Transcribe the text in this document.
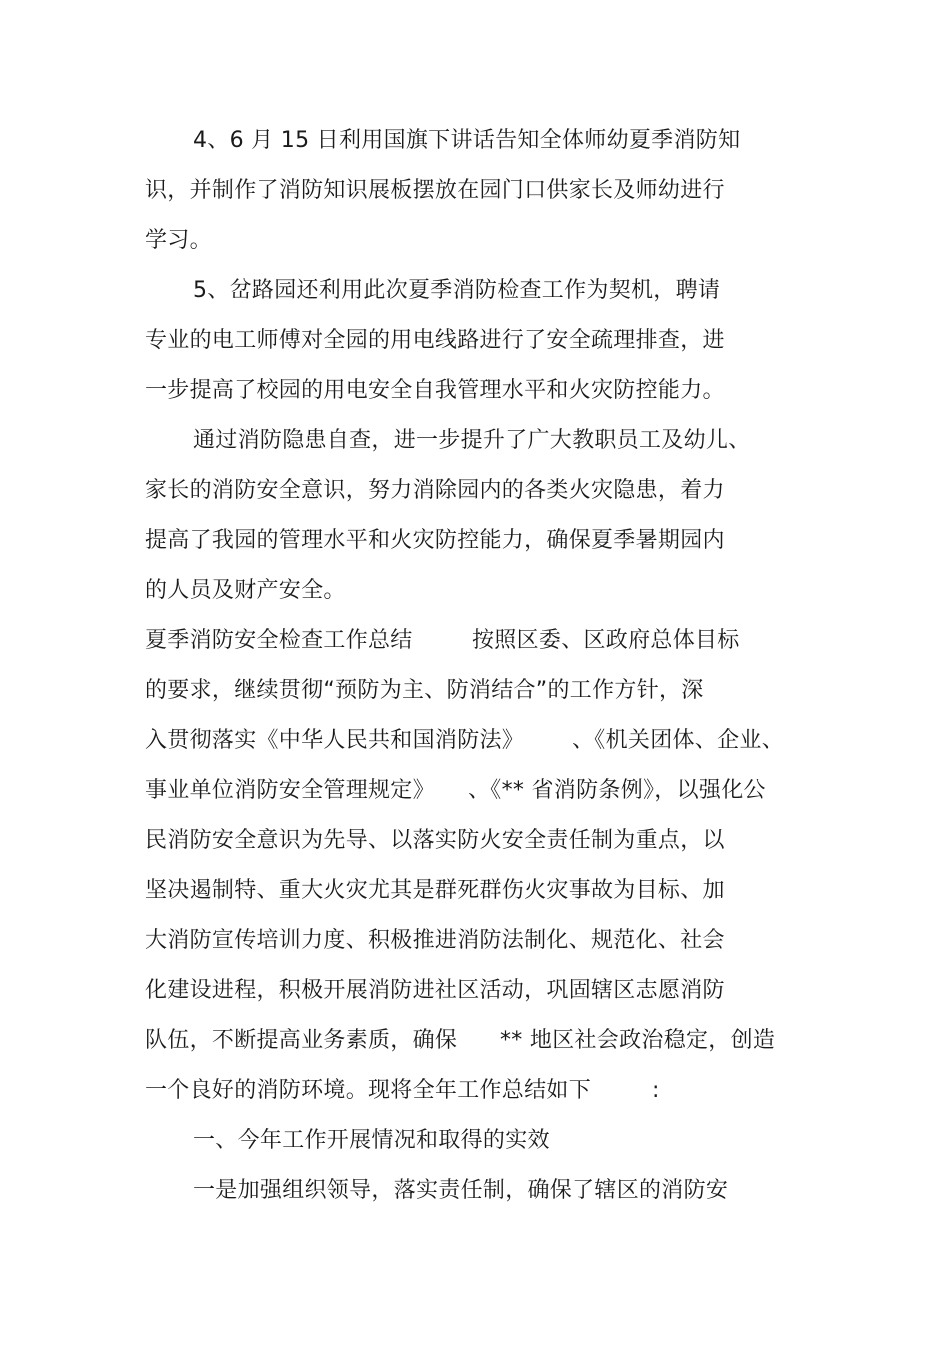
4、6 月 15 日利用国旗下讲话告知全体师幼夏季消防知
识，并制作了消防知识展板摆放在园门口供家长及师幼进行
学习。
5、岔路园还利用此次夏季消防检查工作为契机，聘请
专业的电工师傅对全园的用电线路进行了安全疏理排查，进
一步提高了校园的用电安全自我管理水平和火灾防控能力。
通过消防隐患自查，进一步提升了广大教职员工及幼儿、
家长的消防安全意识，努力消除园内的各类火灾隐患，着力
提高了我园的管理水平和火灾防控能力，确保夏季暑期园内
的人员及财产安全。
夏季消防安全检查工作总结	按照区委、区政府总体目标
的要求，继续贯彻“预防为主、防消结合”的工作方针，深
入贯彻落实《中华人民共和国消防法》 、《机关团体、企业、
事业单位消防安全管理规定》 、《** 省消防条例》，以强化公
民消防安全意识为先导、以落实防火安全责任制为重点，以
坚决遏制特、重大火灾尤其是群死群伤火灾事故为目标、加
大消防宣传培训力度、积极推进消防法制化、规范化、社会
化建设进程，积极开展消防进社区活动，巩固辖区志愿消防
队伍，不断提高业务素质，确保 ** 地区社会政治稳定，创造
一个良好的消防环境。现将全年工作总结如下	:
一、今年工作开展情况和取得的实效
一是加强组织领导，落实责任制，确保了辖区的消防安
